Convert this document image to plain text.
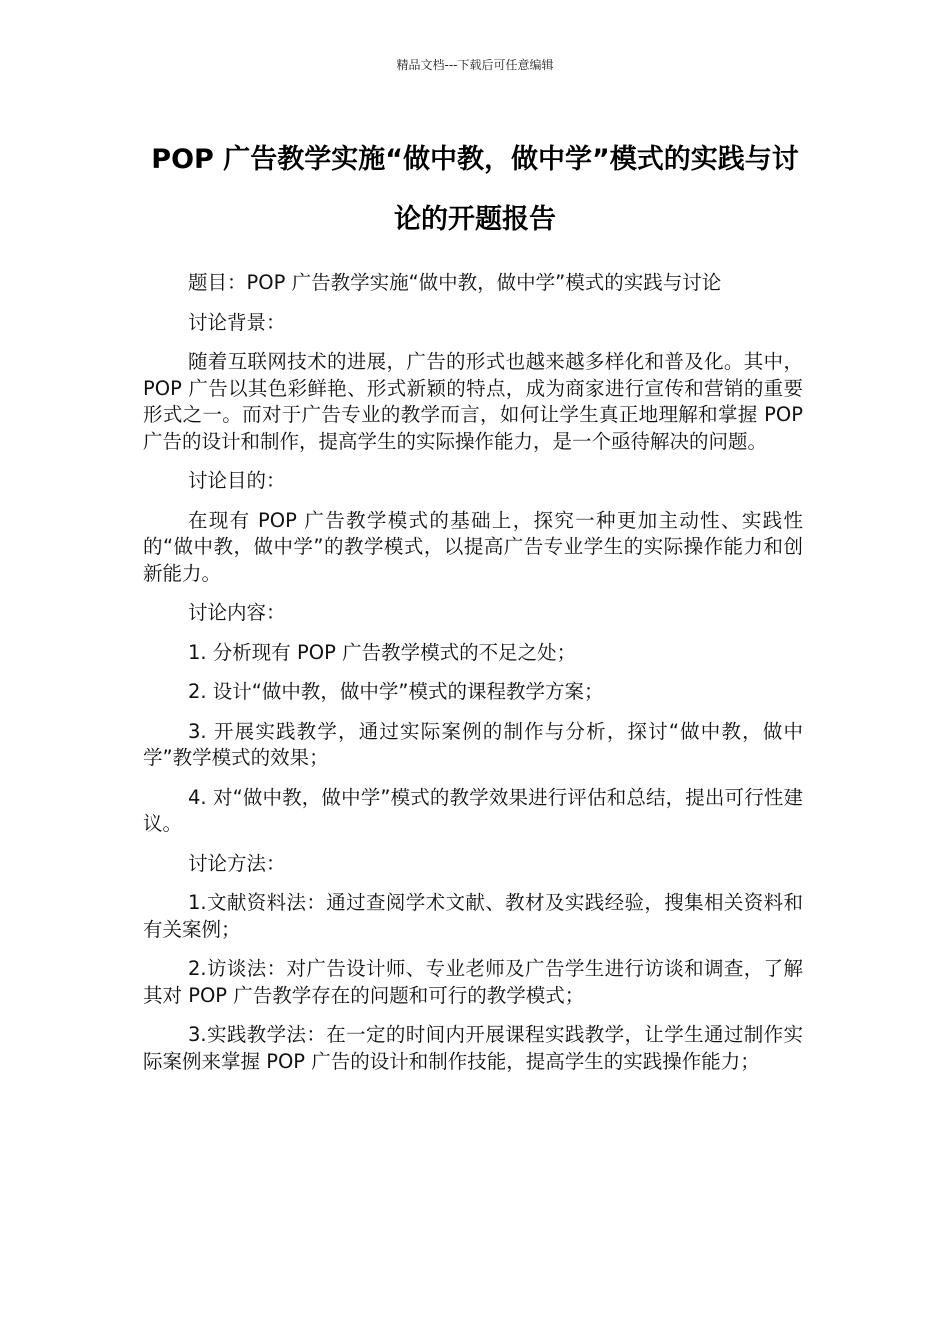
精品文档---下载后可任意编辑
POP 广告教学实施“做中教，做中学”模式的实践与讨论的开题报告

题目：POP 广告教学实施“做中教，做中学”模式的实践与讨论

讨论背景：

随着互联网技术的进展，广告的形式也越来越多样化和普及化。其中，POP 广告以其色彩鲜艳、形式新颖的特点，成为商家进行宣传和营销的重要形式之一。而对于广告专业的教学而言，如何让学生真正地理解和掌握 POP 广告的设计和制作，提高学生的实际操作能力，是一个亟待解决的问题。

讨论目的：

在现有 POP 广告教学模式的基础上，探究一种更加主动性、实践性的“做中教，做中学”的教学模式，以提高广告专业学生的实际操作能力和创新能力。

讨论内容：

1. 分析现有 POP 广告教学模式的不足之处；

2. 设计“做中教，做中学”模式的课程教学方案；

3. 开展实践教学，通过实际案例的制作与分析，探讨“做中教，做中学”教学模式的效果；

4. 对“做中教，做中学”模式的教学效果进行评估和总结，提出可行性建议。

讨论方法：

1.文献资料法：通过查阅学术文献、教材及实践经验，搜集相关资料和有关案例；

2.访谈法：对广告设计师、专业老师及广告学生进行访谈和调查，了解其对 POP 广告教学存在的问题和可行的教学模式；

3.实践教学法：在一定的时间内开展课程实践教学，让学生通过制作实际案例来掌握 POP 广告的设计和制作技能，提高学生的实践操作能力；
